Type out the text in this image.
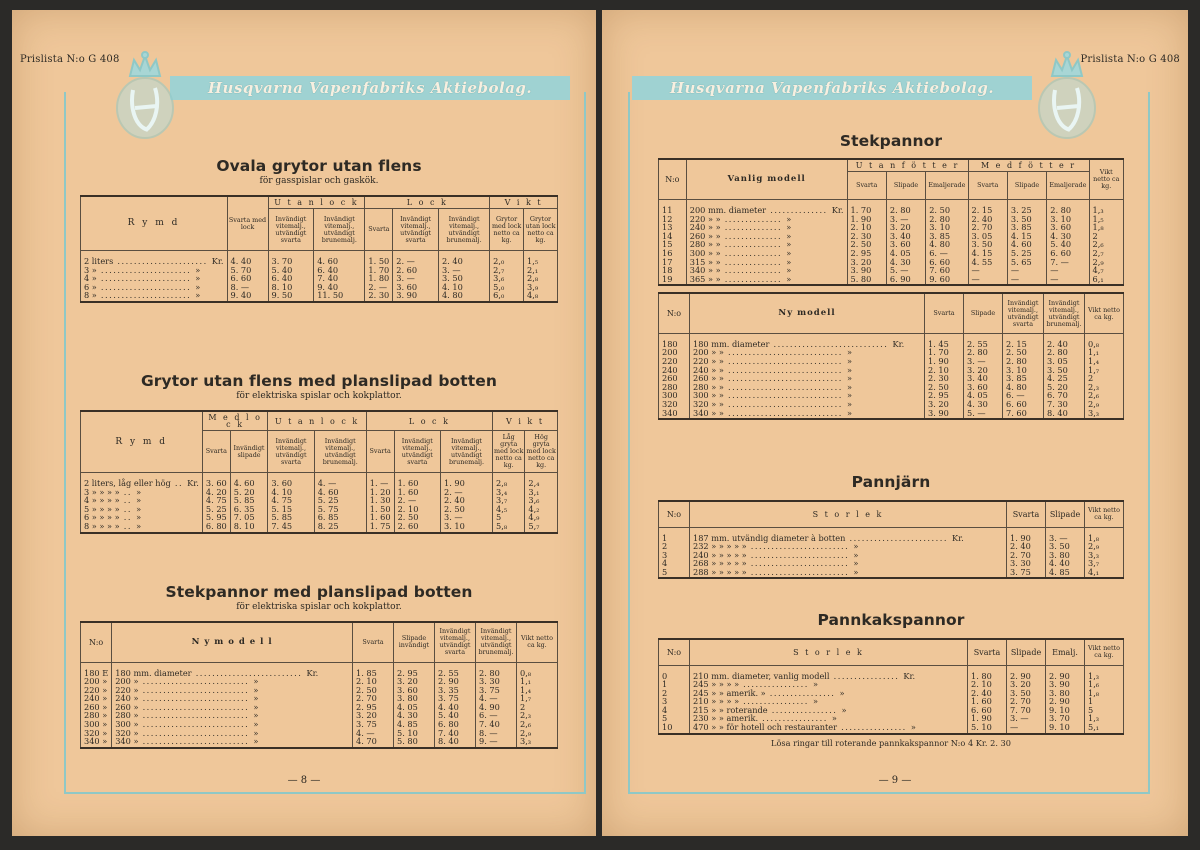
Prislista N:o G 408
Husqvarna Vapenfabriks Aktiebolag.
Ovala grytor utan flens
för gasspislar och gaskök.
R y m d	Svarta med lock	U t a n l o c k		L o c k			V i k t	
		Invändigt vitemalj., utvändigt svarta	Invändigt vitemalj., utvändigt brunemalj.	Svarta	Invändigt vitemalj., utvändigt svarta	Invändigt vitemalj., utvändigt brunemalj.	Grytor med lock netto ca kg.	Grytor utan lock netto ca kg.
2 liters ...................... Kr.	4. 40	3. 70	4. 60	1. 50	2. —	2. 40	2,₀	1,₅
3 » ...................... »	5. 70	5. 40	6. 40	1. 70	2. 60	3. —	2,₇	2,₁
4 » ...................... »	6. 60	6. 40	7. 40	1. 80	3. —	3. 50	3,₆	2,₈
6 » ...................... »	8. —	8. 10	9. 40	2. —	3. 60	4. 10	5,₀	3,₉
8 » ...................... »	9. 40	9. 50	11. 50	2. 30	3. 90	4. 80	6,₀	4,₈
Grytor utan flens med planslipad botten
för elektriska spislar och kokplattor.
R y m d	M e d l o c k		U t a n l o c k		L o c k			V i k t	
	Svarta	Invändigt slipade	Invändigt vitemalj., utvändigt svarta	Invändigt vitemalj., utvändigt brunemalj.	Svarta	Invändigt vitemalj., utvändigt svarta	Invändigt vitemalj., utvändigt brunemalj.	Låg gryta med lock netto ca kg.	Hög gryta med lock netto ca kg.
2 liters, låg eller hög .. Kr.	3. 60	4. 60	3. 60	4. —	1. —	1. 60	1. 90	2,₈	2,₄
3 » » » » .. »	4. 20	5. 20	4. 10	4. 60	1. 20	1. 60	2. —	3,₄	3,₁
4 » » » » .. »	4. 75	5. 85	4. 75	5. 25	1. 30	2. —	2. 40	3,₇	3,₆
5 » » » » .. »	5. 25	6. 35	5. 15	5. 75	1. 50	2. 10	2. 50	4,₅	4,₂
6 » » » » .. »	5. 95	7. 05	5. 85	6. 85	1. 60	2. 50	3. —	5	4,₉
8 » » » » .. »	6. 80	8. 10	7. 45	8. 25	1. 75	2. 60	3. 10	5,₈	5,₇
Stekpannor med planslipad botten
för elektriska spislar och kokplattor.
N:o	N y m o d e l l	Svarta	Slipade invändigt	Invändigt vitemalj., utvändigt svarta	Invändigt vitemalj., utvändigt brunemalj.	Vikt netto ca kg.
180 E	180 mm. diameter .......................... Kr.	1. 85	2. 95	2. 55	2. 80	0,₈
200 »	200 » .......................... »	2. 10	3. 20	2. 90	3. 30	1,₁
220 »	220 » .......................... »	2. 50	3. 60	3. 35	3. 75	1,₄
240 »	240 » .......................... »	2. 70	3. 80	3. 75	4. —	1,₇
260 »	260 » .......................... »	2. 95	4. 05	4. 40	4. 90	2
280 »	280 » .......................... »	3. 20	4. 30	5. 40	6. —	2,₃
300 »	300 » .......................... »	3. 75	4. 85	6. 80	7. 40	2,₆
320 »	320 » .......................... »	4. —	5. 10	7. 40	8. —	2,₉
340 »	340 » .......................... »	4. 70	5. 80	8. 40	9. —	3,₃
— 8 —
Prislista N:o G 408
Husqvarna Vapenfabriks Aktiebolag.
Stekpannor
N:o	Vanlig modell	U t a n f ö t t e r			M e d f ö t t e r			Vikt netto ca kg.
		Svarta	Slipade	Emaljerade	Svarta	Slipade	Emaljerade	
11	200 mm. diameter .............. Kr.	1. 70	2. 80	2. 50	2. 15	3. 25	2. 80	1,₃
12	220 » » .............. »	1. 90	3. —	2. 80	2. 40	3. 50	3. 10	1,₅
13	240 » » .............. »	2. 10	3. 20	3. 10	2. 70	3. 85	3. 60	1,₈
14	260 » » .............. »	2. 30	3. 40	3. 85	3. 05	4. 15	4. 30	2
15	280 » » .............. »	2. 50	3. 60	4. 80	3. 50	4. 60	5. 40	2,₆
16	300 » » .............. »	2. 95	4. 05	6. —	4. 15	5. 25	6. 60	2,₇
17	315 » » .............. »	3. 20	4. 30	6. 60	4. 55	5. 65	7. —	2,₉
18	340 » » .............. »	3. 90	5. —	7. 60	—	—	—	4,₇
19	365 » » .............. »	5. 80	6. 90	9. 60	—	—	—	6,₁
N:o	Ny modell	Svarta	Slipade	Invändigt vitemalj., utvändigt svarta	Invändigt vitemalj., utvändigt brunemalj.	Vikt netto ca kg.
180	180 mm. diameter ............................ Kr.	1. 45	2. 55	2. 15	2. 40	0,₈
200	200 » » ............................ »	1. 70	2. 80	2. 50	2. 80	1,₁
220	220 » » ............................ »	1. 90	3. —	2. 80	3. 05	1,₄
240	240 » » ............................ »	2. 10	3. 20	3. 10	3. 50	1,₇
260	260 » » ............................ »	2. 30	3. 40	3. 85	4. 25	2
280	280 » » ............................ »	2. 50	3. 60	4. 80	5. 20	2,₃
300	300 » » ............................ »	2. 95	4. 05	6. —	6. 70	2,₆
320	320 » » ............................ »	3. 20	4. 30	6. 60	7. 30	2,₉
340	340 » » ............................ »	3. 90	5. —	7. 60	8. 40	3,₃
Pannjärn
N:o	S t o r l e k	Svarta	Slipade	Vikt netto ca kg.
1	187 mm. utvändig diameter à botten ........................ Kr.	1. 90	3. —	1,₈
2	232 » » » » » ........................ »	2. 40	3. 50	2,₉
3	240 » » » » » ........................ »	2. 70	3. 80	3,₃
4	268 » » » » » ........................ »	3. 30	4. 40	3,₇
5	288 » » » » » ........................ »	3. 75	4. 85	4,₁
Pannkakspannor
N:o	S t o r l e k	Svarta	Slipade	Emalj.	Vikt netto ca kg.
0	210 mm. diameter, vanlig modell ................ Kr.	1. 80	2. 90	2. 90	1,₃
1	245 » » » » ................ »	2. 10	3. 20	3. 90	1,₆
2	245 » » amerik. » ................ »	2. 40	3. 50	3. 80	1,₈
3	210 » » » » ................ »	1. 60	2. 70	2. 90	1
4	215 » » roterande ................ »	6. 60	7. 70	9. 10	5
5	230 » » amerik. ................ »	1. 90	3. —	3. 70	1,₃
10	470 » » för hotell och restauranter ................ »	5. 10	—	9. 10	5,₁
Lösa ringar till roterande pannkakspannor N:o 4 Kr. 2. 30
— 9 —
